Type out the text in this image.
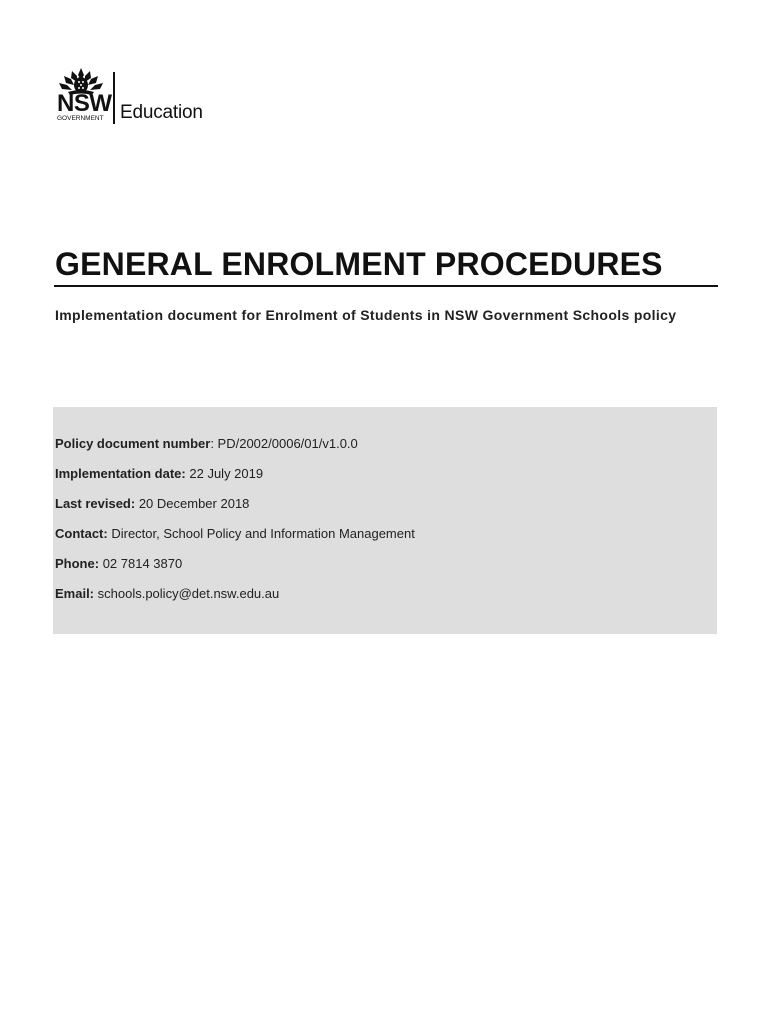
NSW
GOVERNMENT Education
GENERAL ENROLMENT PROCEDURES
Implementation document for Enrolment of Students in NSW Government Schools policy
Policy document number: PD/2002/0006/01/v1.0.0
Implementation date: 22 July 2019
Last revised: 20 December 2018
Contact: Director, School Policy and Information Management
Phone: 02 7814 3870
Email: schools.policy@det.nsw.edu.au
